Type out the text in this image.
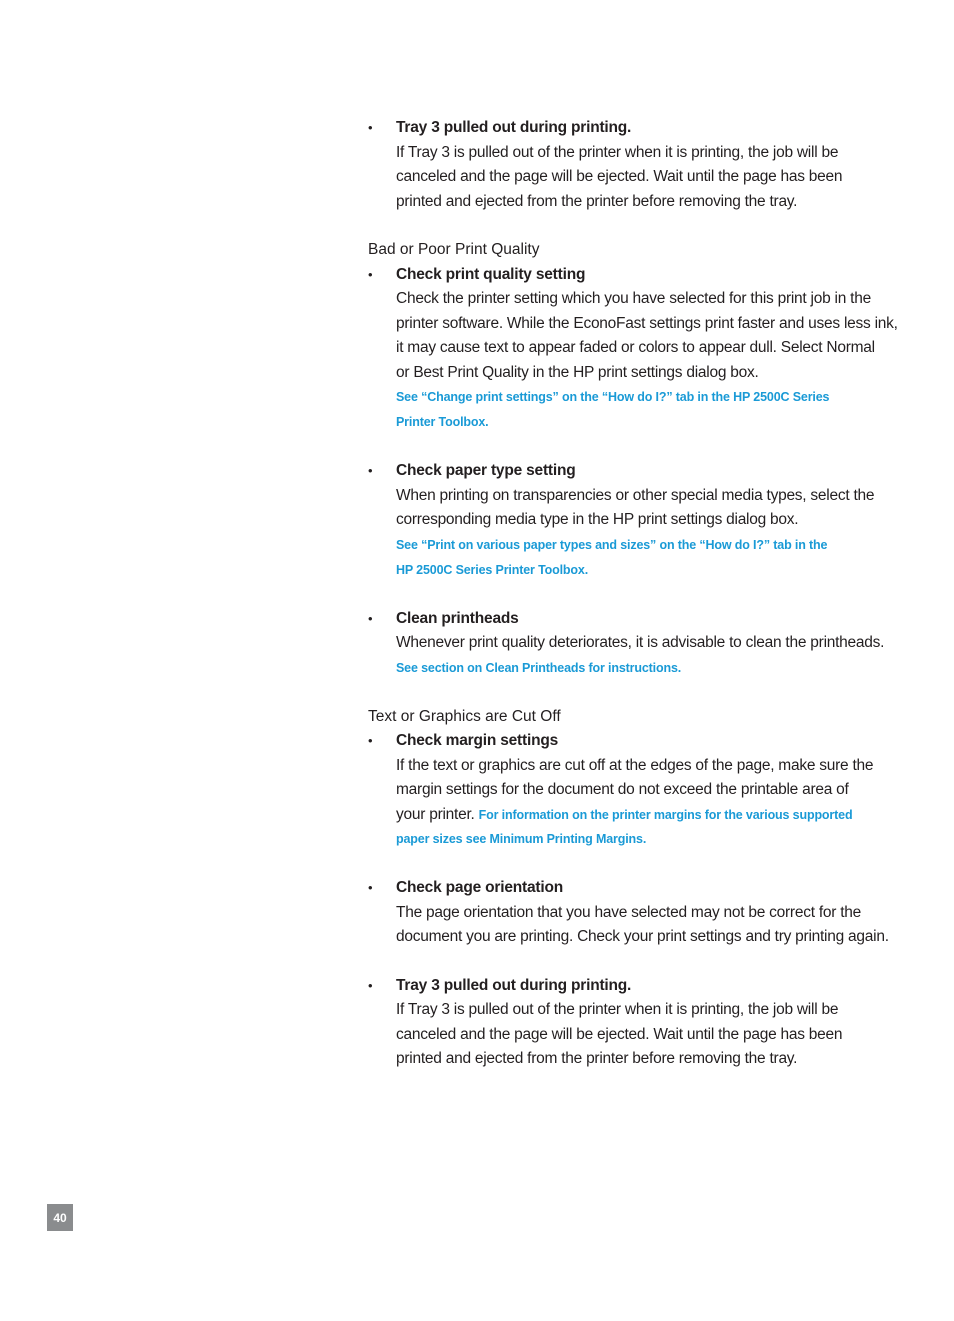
• Tray 3 pulled out during printing.

If Tray 3 is pulled out of the printer when it is printing, the job will be

canceled and the page will be ejected. Wait until the page has been

printed and ejected from the printer before removing the tray.

Bad or Poor Print Quality

• Check print quality setting

Check the printer setting which you have selected for this print job in the

printer software. While the EconoFast settings print faster and uses less ink,

it may cause text to appear faded or colors to appear dull. Select Normal

or Best Print Quality in the HP print settings dialog box.

See “Change print settings” on the “How do I?” tab in the HP 2500C Series

Printer Toolbox.

• Check paper type setting

When printing on transparencies or other special media types, select the

corresponding media type in the HP print settings dialog box.

See “Print on various paper types and sizes” on the “How do I?” tab in the

HP 2500C Series Printer Toolbox.

• Clean printheads

Whenever print quality deteriorates, it is advisable to clean the printheads.

See section on Clean Printheads for instructions.

Text or Graphics are Cut Off

• Check margin settings

If the text or graphics are cut off at the edges of the page, make sure the

margin settings for the document do not exceed the printable area of

your printer. For information on the printer margins for the various supported

paper sizes see Minimum Printing Margins.

• Check page orientation

The page orientation that you have selected may not be correct for the

document you are printing. Check your print settings and try printing again.

• Tray 3 pulled out during printing.

If Tray 3 is pulled out of the printer when it is printing, the job will be

canceled and the page will be ejected. Wait until the page has been

printed and ejected from the printer before removing the tray.

40
